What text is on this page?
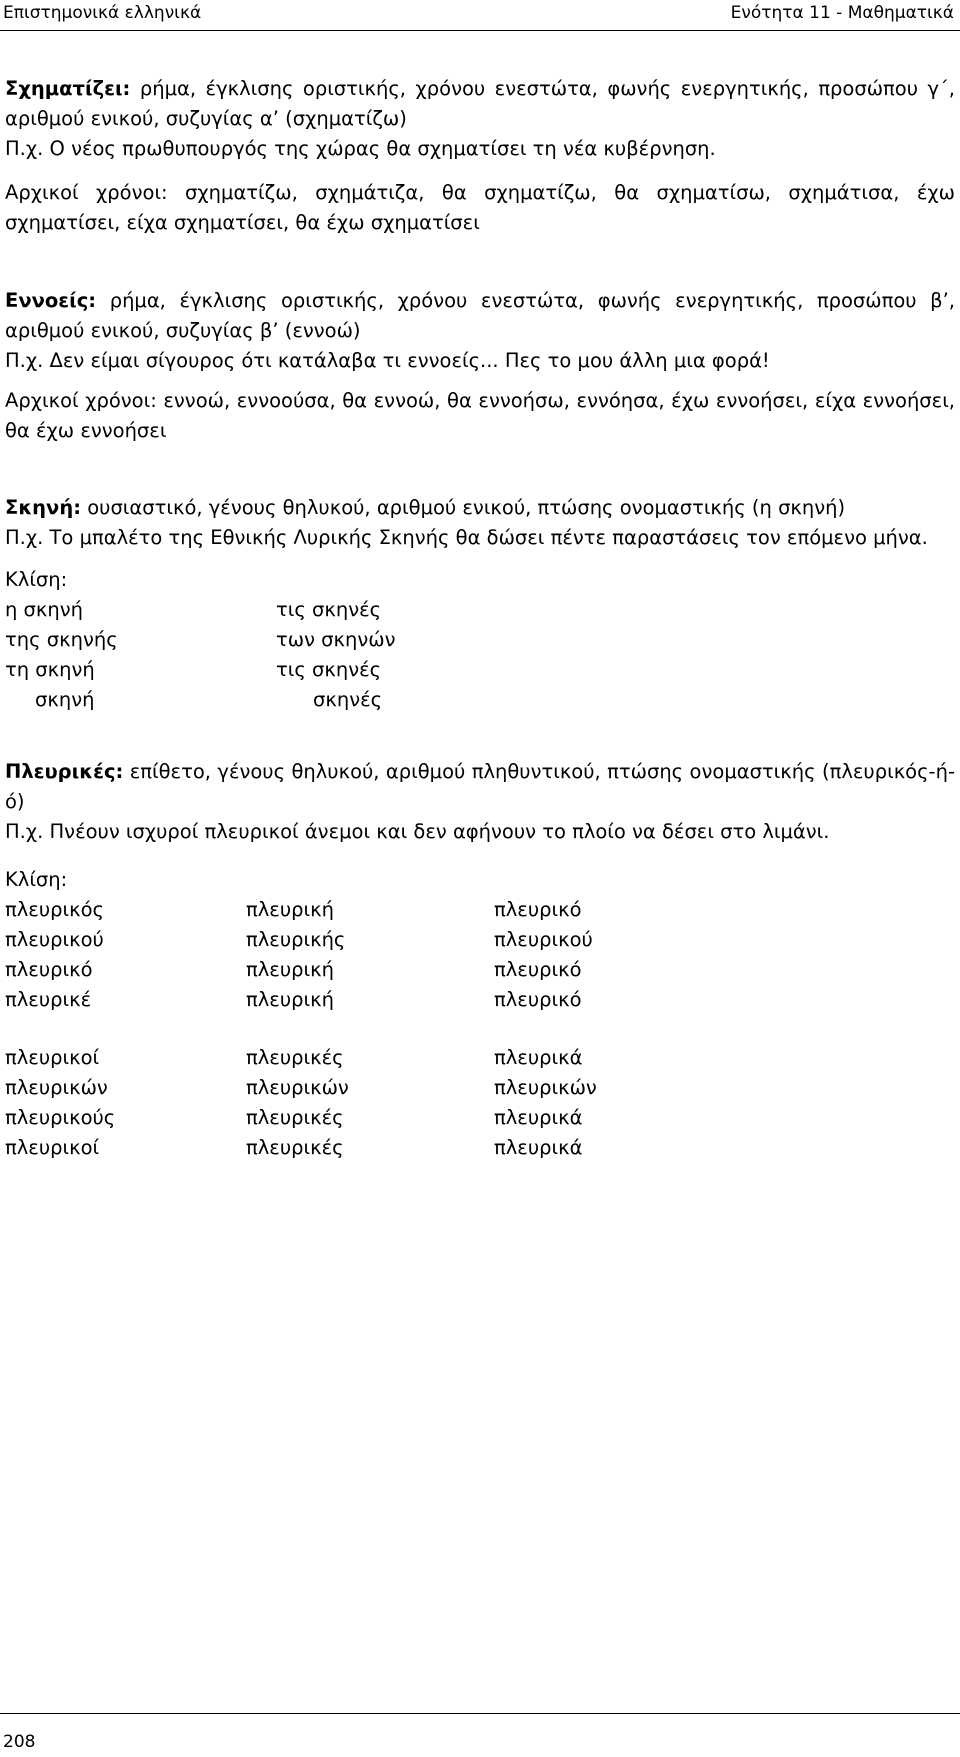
Επιστημονικά ελληνικά	Ενότητα 11 - Μαθηματικά

Σχηματίζει: ρήμα, έγκλισης οριστικής, χρόνου ενεστώτα, φωνής ενεργητικής, προσώπου γ΄, αριθμού ενικού, συζυγίας α’ (σχηματίζω)

Π.χ. Ο νέος πρωθυπουργός της χώρας θα σχηματίσει τη νέα κυβέρνηση.

Αρχικοί χρόνοι: σχηματίζω, σχημάτιζα, θα σχηματίζω, θα σχηματίσω, σχημάτισα, έχω σχηματίσει, είχα σχηματίσει, θα έχω σχηματίσει

Εννοείς: ρήμα, έγκλισης οριστικής, χρόνου ενεστώτα, φωνής ενεργητικής, προσώπου β’, αριθμού ενικού, συζυγίας β’ (εννοώ)

Π.χ. Δεν είμαι σίγουρος ότι κατάλαβα τι εννοείς... Πες το μου άλλη μια φορά!

Αρχικοί χρόνοι: εννοώ, εννοούσα, θα εννοώ, θα εννοήσω, εννόησα, έχω εννοήσει, είχα εννοήσει, θα έχω εννοήσει

Σκηνή: ουσιαστικό, γένους θηλυκού, αριθμού ενικού, πτώσης ονομαστικής (η σκηνή)

Π.χ. Το μπαλέτο της Εθνικής Λυρικής Σκηνής θα δώσει πέντε παραστάσεις τον επόμενο μήνα.

Κλίση:

η σκηνή	τις σκηνές
της σκηνής	των σκηνών
τη σκηνή	τις σκηνές
σκηνή	σκηνές

Πλευρικές: επίθετο, γένους θηλυκού, αριθμού πληθυντικού, πτώσης ονομαστικής (πλευρικός-ή-ό)

Π.χ. Πνέουν ισχυροί πλευρικοί άνεμοι και δεν αφήνουν το πλοίο να δέσει στο λιμάνι.

Κλίση:

πλευρικός	πλευρική	πλευρικό
πλευρικού	πλευρικής	πλευρικού
πλευρικό	πλευρική	πλευρικό
πλευρικέ	πλευρική	πλευρικό
πλευρικοί	πλευρικές	πλευρικά
πλευρικών	πλευρικών	πλευρικών
πλευρικούς	πλευρικές	πλευρικά
πλευρικοί	πλευρικές	πλευρικά
208
